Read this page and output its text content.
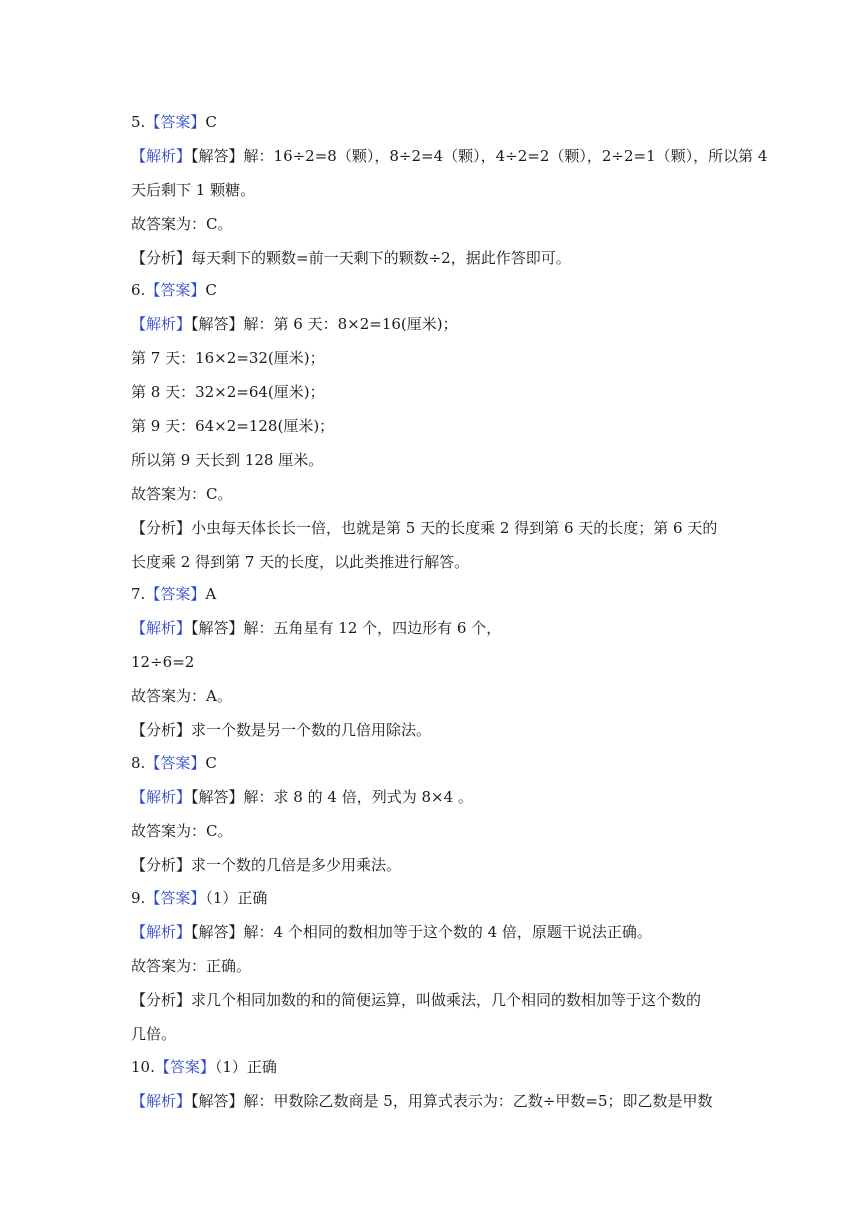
5.【答案】C
【解析】【解答】解：16÷2=8（颗），8÷2=4（颗），4÷2=2（颗），2÷2=1（颗），所以第 4
天后剩下 1 颗糖。
故答案为：C。
【分析】每天剩下的颗数=前一天剩下的颗数÷2，据此作答即可。
6.【答案】C
【解析】【解答】解：第 6 天：8×2=16(厘米)；
第 7 天：16×2=32(厘米)；
第 8 天：32×2=64(厘米)；
第 9 天：64×2=128(厘米)；
所以第 9 天长到 128 厘米。
故答案为：C。
【分析】小虫每天体长长一倍，也就是第 5 天的长度乘 2 得到第 6 天的长度；第 6 天的
长度乘 2 得到第 7 天的长度，以此类推进行解答。
7.【答案】A
【解析】【解答】解：五角星有 12 个，四边形有 6 个，
12÷6=2
故答案为：A。
【分析】求一个数是另一个数的几倍用除法。
8.【答案】C
【解析】【解答】解：求 8 的 4 倍，列式为 8×4 。
故答案为：C。
【分析】求一个数的几倍是多少用乘法。
9.【答案】（1）正确
【解析】【解答】解：4 个相同的数相加等于这个数的 4 倍，原题干说法正确。
故答案为：正确。
【分析】求几个相同加数的和的简便运算，叫做乘法，几个相同的数相加等于这个数的
几倍。
10.【答案】（1）正确
【解析】【解答】解：甲数除乙数商是 5，用算式表示为：乙数÷甲数=5；即乙数是甲数
